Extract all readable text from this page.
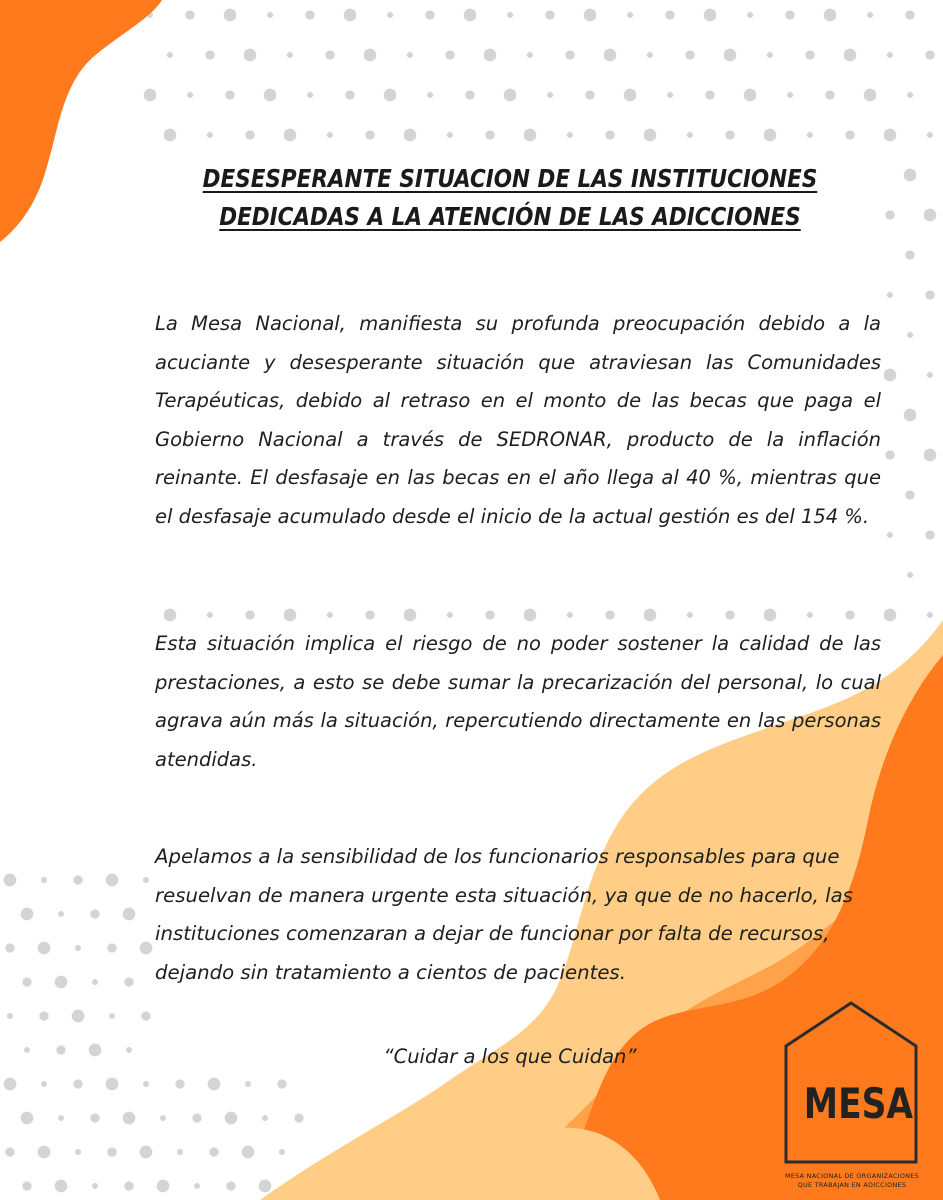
DESESPERANTE SITUACION DE LAS INSTITUCIONES
DEDICADAS A LA ATENCIÓN DE LAS ADICCIONES

La Mesa Nacional, manifiesta su profunda preocupación debido a la acuciante y desesperante situación que atraviesan las Comunidades Terapéuticas, debido al retraso en el monto de las becas que paga el Gobierno Nacional a través de SEDRONAR, producto de la inflación reinante. El desfasaje en las becas en el año llega al 40 %, mientras que el desfasaje acumulado desde el inicio de la actual gestión es del 154 %.

Esta situación implica el riesgo de no poder sostener la calidad de las prestaciones, a esto se debe sumar la precarización del personal, lo cual agrava aún más la situación, repercutiendo directamente en las personas atendidas.

Apelamos a la sensibilidad de los funcionarios responsables para que resuelvan de manera urgente esta situación, ya que de no hacerlo, las instituciones comenzaran a dejar de funcionar por falta de recursos, dejando sin tratamiento a cientos de pacientes.

“Cuidar a los que Cuidan”
MESA
MESA NACIONAL DE ORGANIZACIONES
QUE TRABAJAN EN ADICCIONES
